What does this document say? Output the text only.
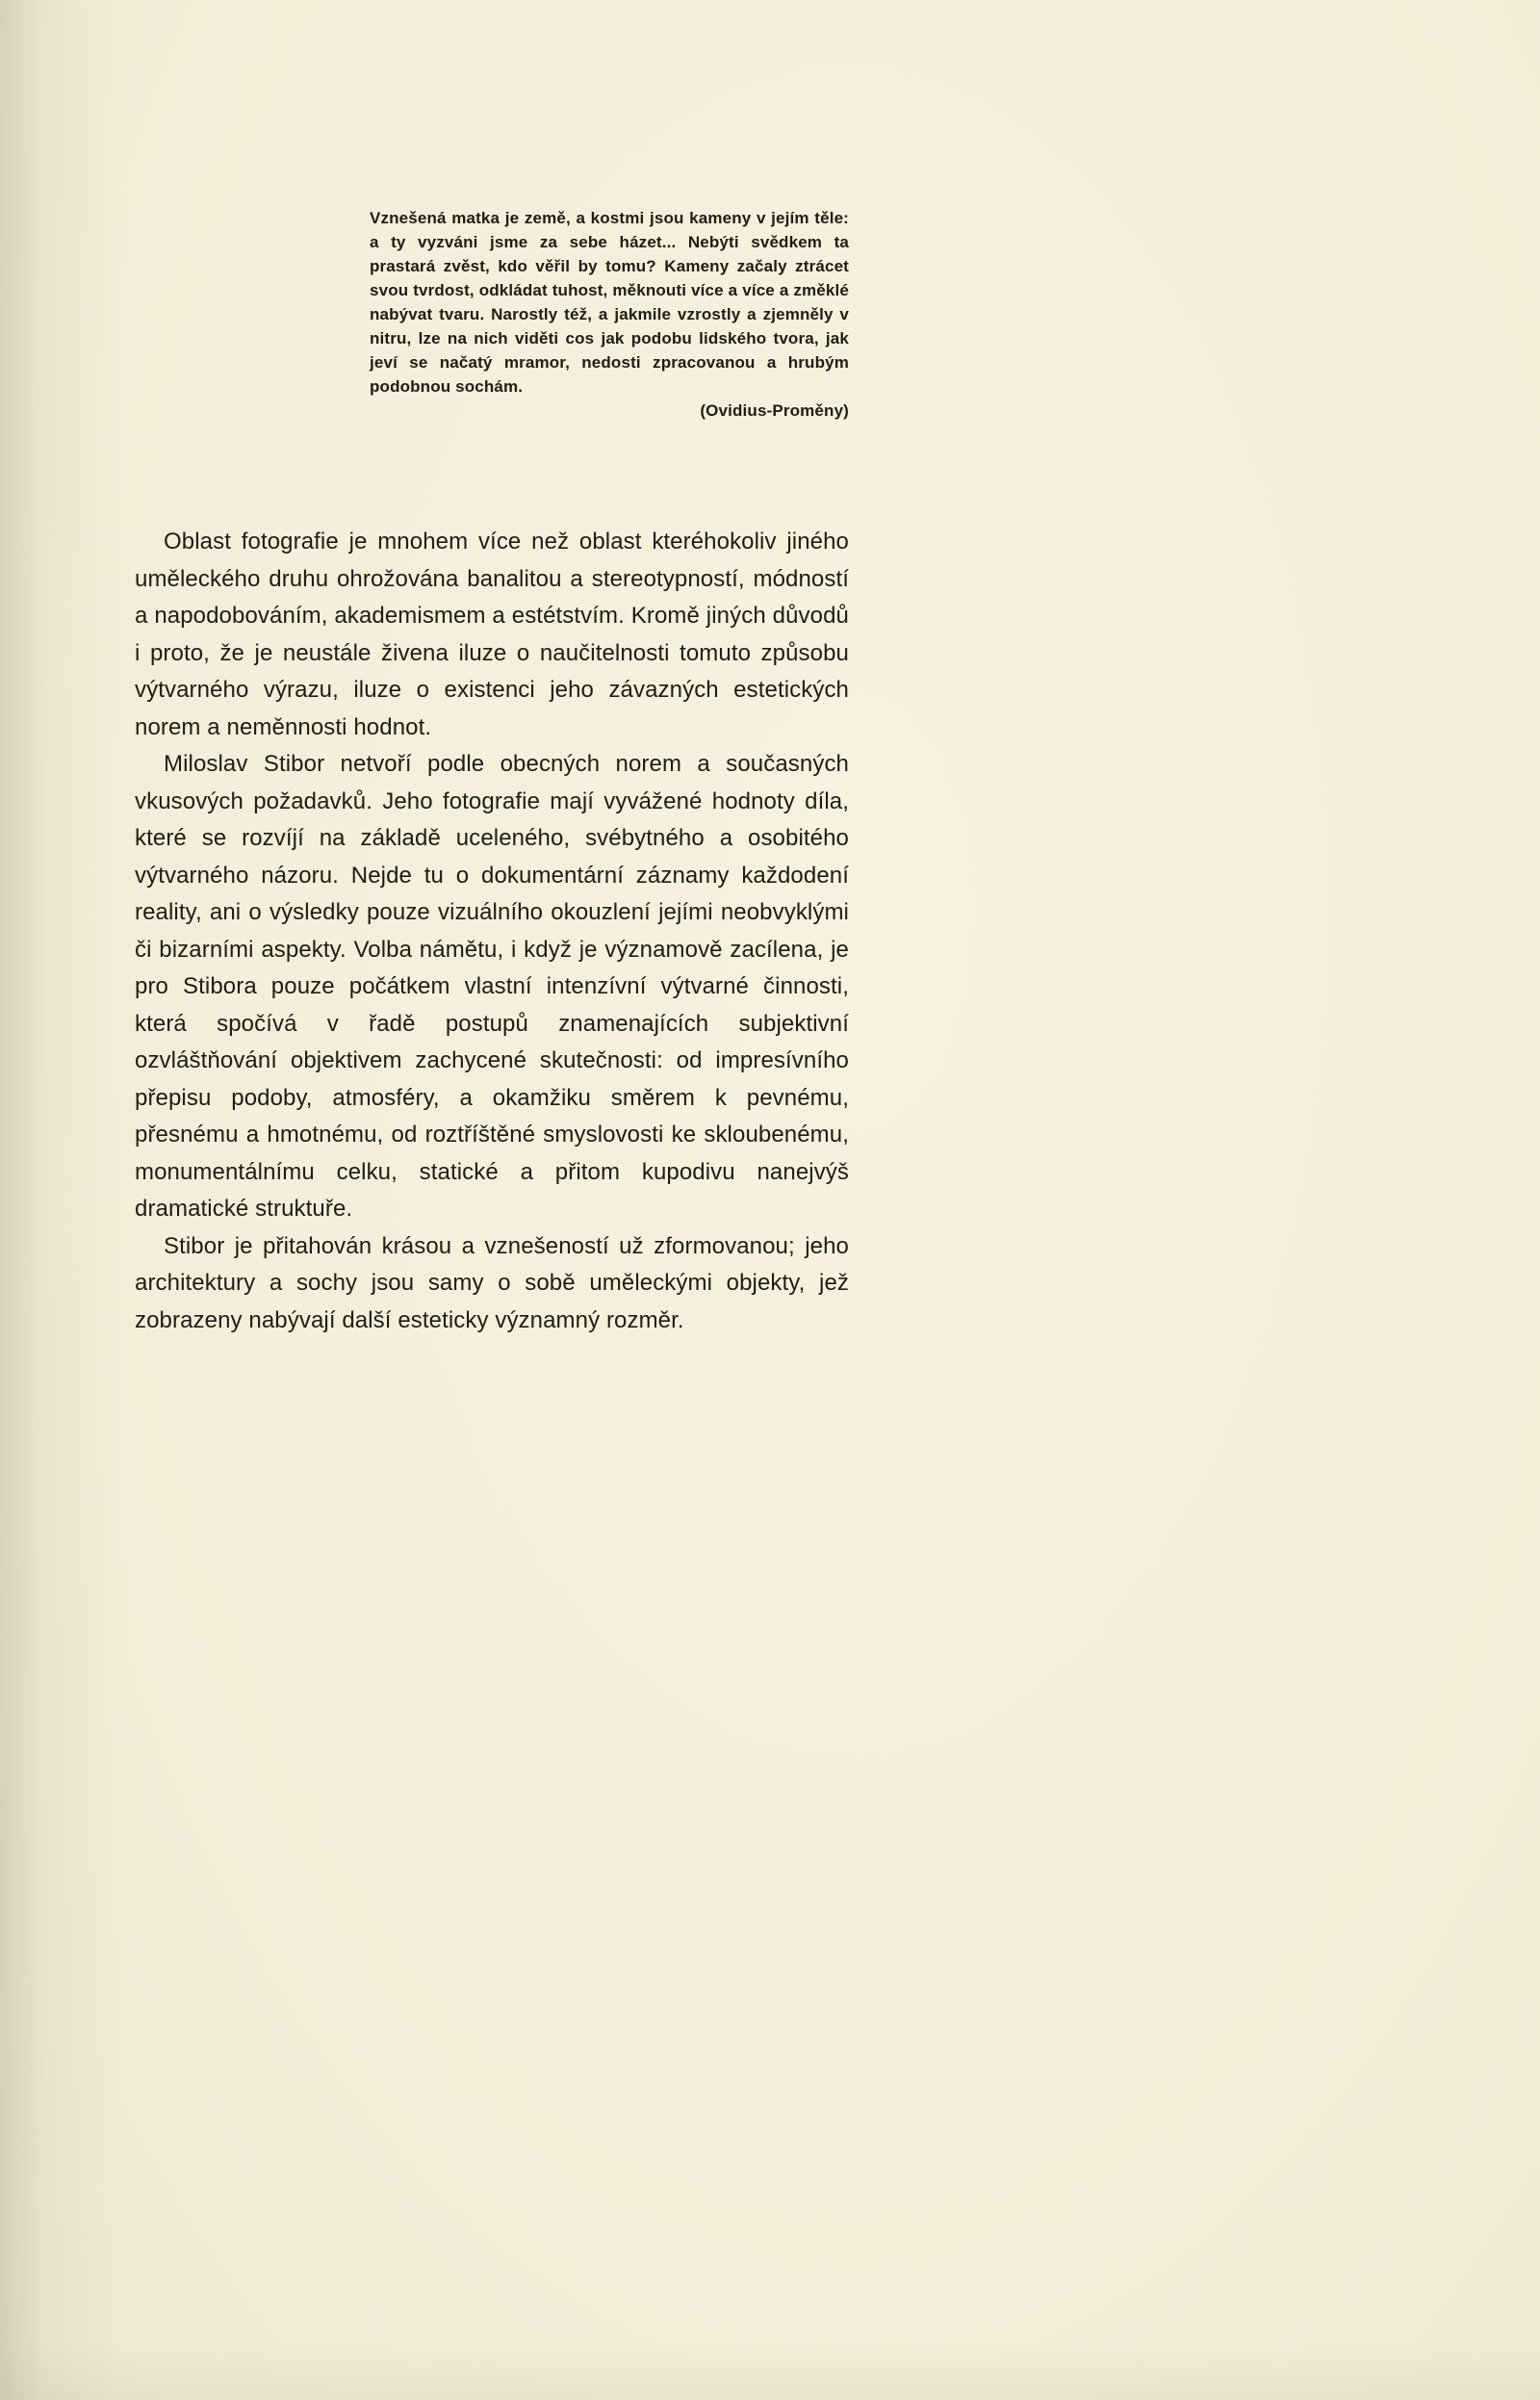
Vznešená matka je země, a kostmi jsou kameny v jejím těle: a ty vyzváni jsme za sebe házet... Nebýti svědkem ta prastará zvěst, kdo věřil by tomu? Kameny začaly ztrácet svou tvrdost, odkládat tuhost, měknouti více a více a změklé nabývat tvaru. Narostly též, a jakmile vzrostly a zjemněly v nitru, lze na nich viděti cos jak podobu lidského tvora, jak jeví se načatý mramor, nedosti zpracovanou a hrubým podobnou sochám.
(Ovidius-Proměny)

Oblast fotografie je mnohem více než oblast kteréhokoliv jiného uměleckého druhu ohrožována banalitou a stereotypností, módností a napodobováním, akademismem a estétstvím. Kromě jiných důvodů i proto, že je neustále živena iluze o naučitelnosti tomuto způsobu výtvarného výrazu, iluze o existenci jeho závazných estetických norem a neměnnosti hodnot.

Miloslav Stibor netvoří podle obecných norem a současných vkusových požadavků. Jeho fotografie mají vyvážené hodnoty díla, které se rozvíjí na základě uceleného, svébytného a osobitého výtvarného názoru. Nejde tu o dokumentární záznamy každodení reality, ani o výsledky pouze vizuálního okouzlení jejími neobvyklými či bizarními aspekty. Volba námětu, i když je významově zacílena, je pro Stibora pouze počátkem vlastní intenzívní výtvarné činnosti, která spočívá v řadě postupů znamenajících subjektivní ozvláštňování objektivem zachycené skutečnosti: od impresívního přepisu podoby, atmosféry, a okamžiku směrem k pevnému, přesnému a hmotnému, od roztříštěné smyslovosti ke skloubenému, monumentálnímu celku, statické a přitom kupodivu nanejvýš dramatické struktuře.

Stibor je přitahován krásou a vznešeností už zformovanou; jeho architektury a sochy jsou samy o sobě uměleckými objekty, jež zobrazeny nabývají další esteticky významný rozměr.
